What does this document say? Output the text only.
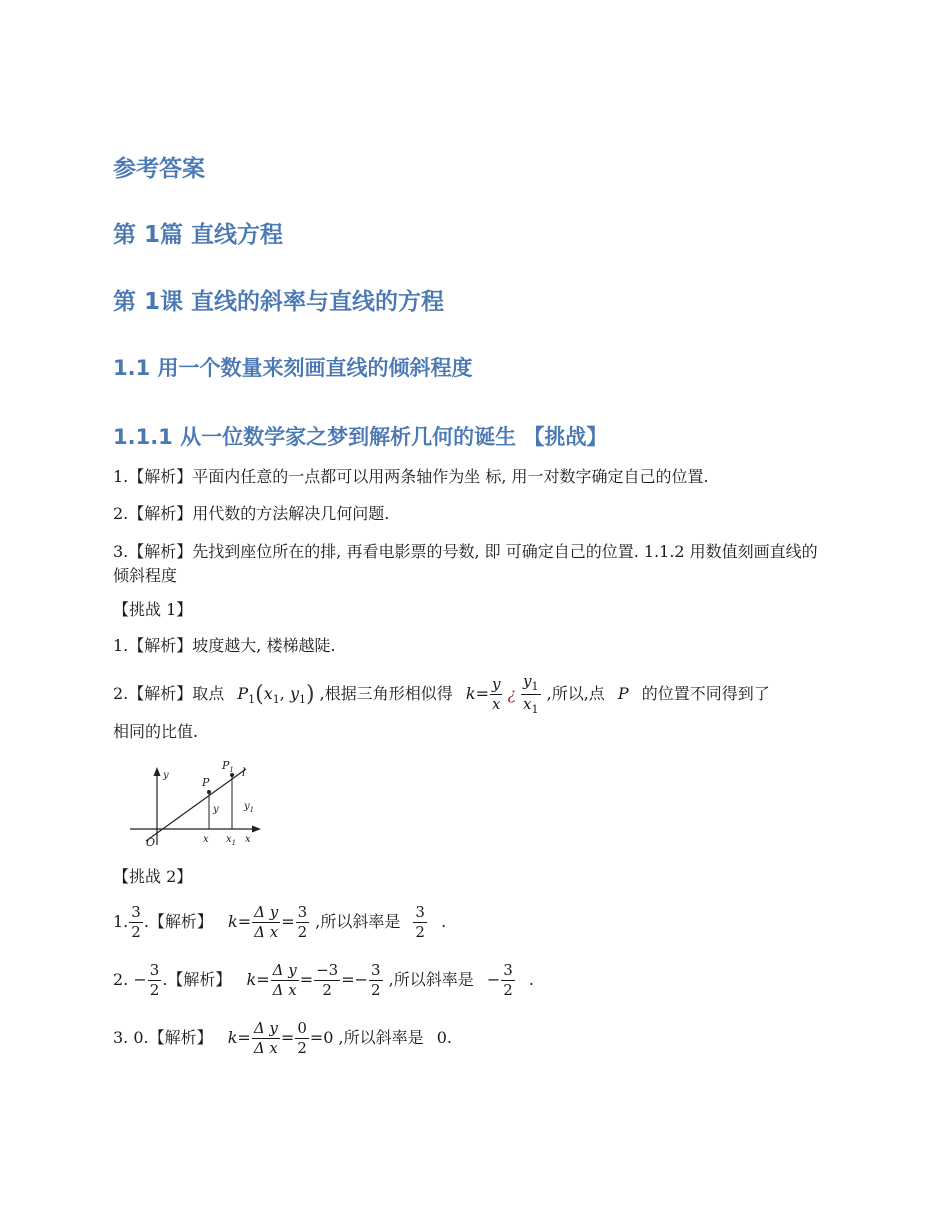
参考答案
第 1篇 直线方程
第 1课 直线的斜率与直线的方程
1.1 用一个数量来刻画直线的倾斜程度
1.1.1 从一位数学家之梦到解析几何的诞生 【挑战】
1.【解析】平面内任意的一点都可以用两条轴作为坐 标, 用一对数字确定自己的位置.
2.【解析】用代数的方法解决几何问题.
3.【解析】先找到座位所在的排, 再看电影票的号数, 即 可确定自己的位置. 1.1.2 用数值刻画直线的倾斜程度
【挑战 1】
1.【解析】坡度越大, 楼梯越陡.
2.【解析】取点 $P_1(x_1$, $y_1$) ,根据三角形相似得 $k= \frac{y}{x}$ ¿ $\frac{y_1}{x_1}$ ,所以,点 P 的位置不同得到了
相同的比值.
y
x
O
P
$P_1$ l
y	$y_1$
x $x_1$
【挑战 2】
1. $\frac{3}{2}$ .【解析】 $k= \frac{\text{Δ y}}{\text{Δ x}} = \frac{3}{2}$ ,所以斜率是 $\frac{3}{2}$ .
2. − $\frac{3}{2}$ .【解析】 $k= \frac{\text{Δ y}}{\text{Δ x}} = \frac{-3}{2} =- \frac{3}{2}$ ,所以斜率是 − $\frac{3}{2}$ .
3. 0.【解析】 $k= \frac{\text{Δ y}}{\text{Δ x}} = \frac{0}{2} =0$ ,所以斜率是 0.
